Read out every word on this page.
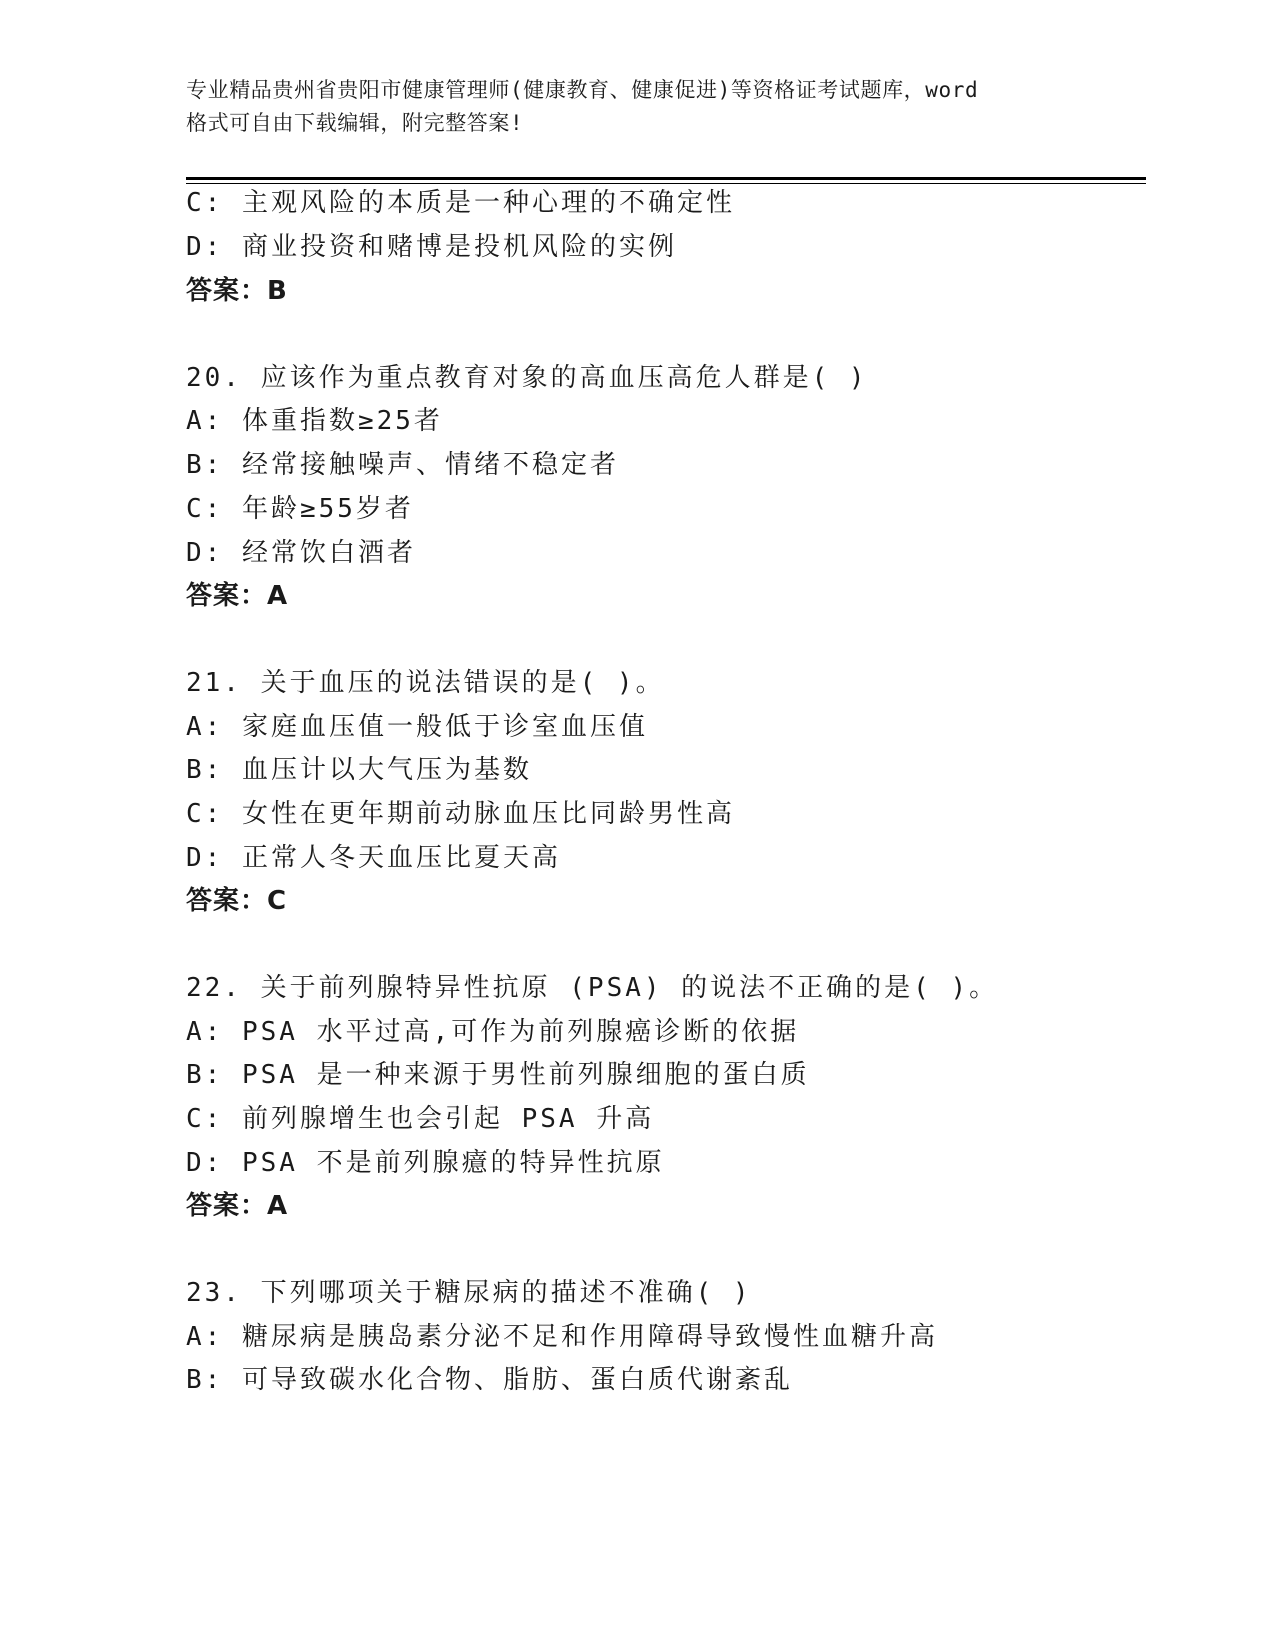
专业精品贵州省贵阳市健康管理师(健康教育、健康促进)等资格证考试题库，word
格式可自由下载编辑，附完整答案!
C: 主观风险的本质是一种心理的不确定性
D: 商业投资和赌博是投机风险的实例
答案：B
20. 应该作为重点教育对象的高血压高危人群是( )
A: 体重指数≥25者
B: 经常接触噪声、情绪不稳定者
C: 年龄≥55岁者
D: 经常饮白酒者
答案：A
21. 关于血压的说法错误的是( )。
A: 家庭血压值一般低于诊室血压值
B: 血压计以大气压为基数
C: 女性在更年期前动脉血压比同龄男性高
D: 正常人冬天血压比夏天高
答案：C
22. 关于前列腺特异性抗原 (PSA) 的说法不正确的是( )。
A: PSA 水平过高,可作为前列腺癌诊断的依据
B: PSA 是一种来源于男性前列腺细胞的蛋白质
C: 前列腺增生也会引起 PSA 升高
D: PSA 不是前列腺癔的特异性抗原
答案：A
23. 下列哪项关于糖尿病的描述不准确( )
A: 糖尿病是胰岛素分泌不足和作用障碍导致慢性血糖升高
B: 可导致碳水化合物、脂肪、蛋白质代谢紊乱
